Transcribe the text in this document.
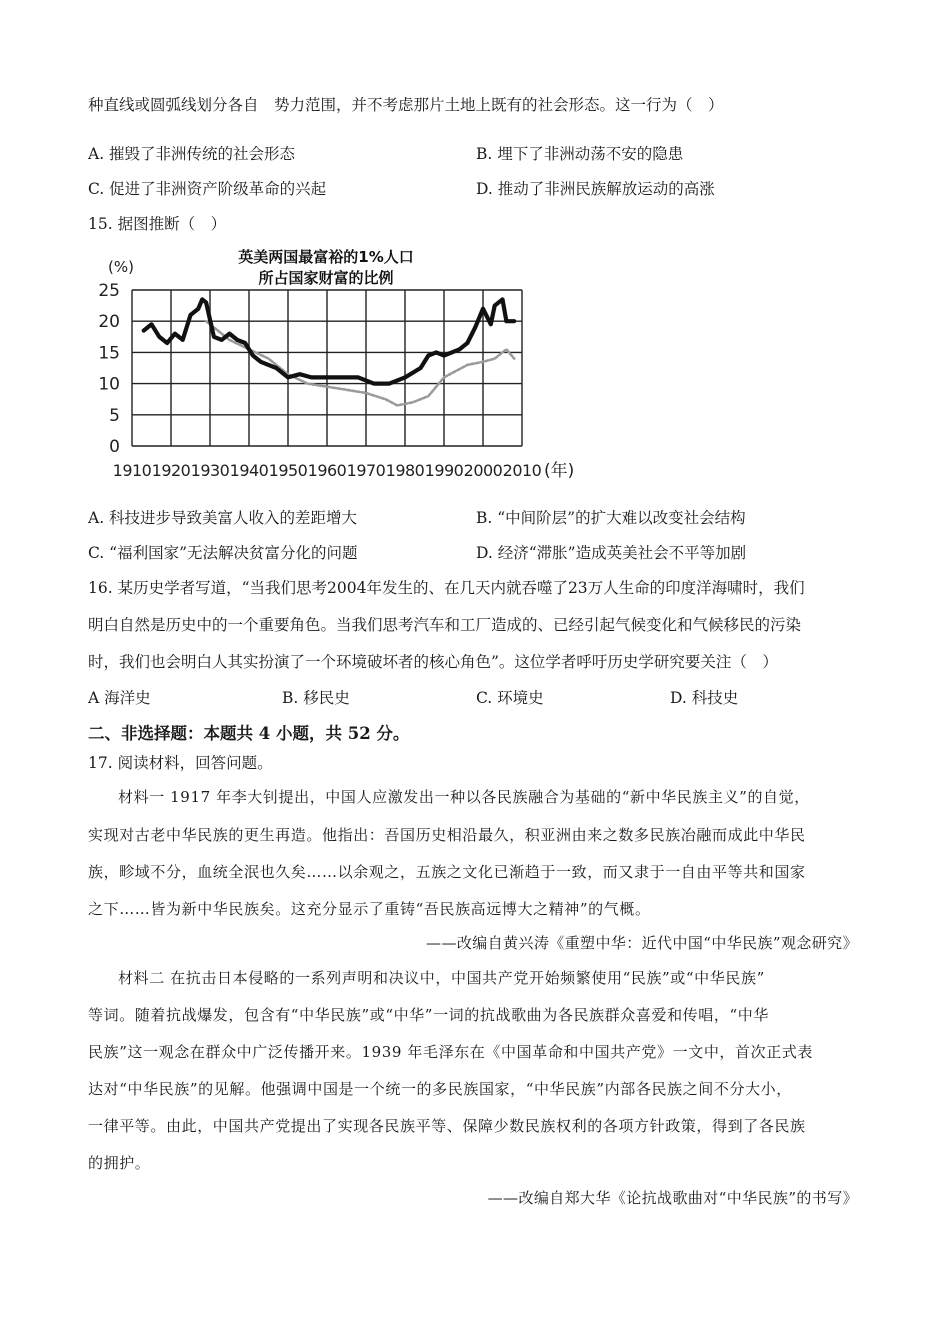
种直线或圆弧线划分各自　势力范围，并不考虑那片土地上既有的社会形态。这一行为（　）
A. 摧毁了非洲传统的社会形态	B. 埋下了非洲动荡不安的隐患
C. 促进了非洲资产阶级革命的兴起	D. 推动了非洲民族解放运动的高涨
15. 据图推断（　）
0
5
10
15
20
25
1910 1920 1930 1940 1950 1960 1970 1980 1990 2000 2010 (年)
(%)
英美两国最富裕的1%人口
所占国家财富的比例
A. 科技进步导致美富人收入的差距增大	B. “中间阶层”的扩大难以改变社会结构
C. “福利国家”无法解决贫富分化的问题	D. 经济“滞胀”造成英美社会不平等加剧
16. 某历史学者写道，“当我们思考2004年发生的、在几天内就吞噬了23万人生命的印度洋海啸时，我们
明白自然是历史中的一个重要角色。当我们思考汽车和工厂造成的、已经引起气候变化和气候移民的污染
时，我们也会明白人其实扮演了一个环境破坏者的核心角色”。这位学者呼吁历史学研究要关注（　）
A 海洋史	B. 移民史	C. 环境史	D. 科技史
二、非选择题：本题共 4 小题，共 52 分。
17. 阅读材料，回答问题。
材料一 1917 年李大钊提出，中国人应激发出一种以各民族融合为基础的“新中华民族主义”的自觉，
实现对古老中华民族的更生再造。他指出：吾国历史相沿最久，积亚洲由来之数多民族冶融而成此中华民
族，畛域不分，血统全泯也久矣……以余观之，五族之文化已渐趋于一致，而又隶于一自由平等共和国家
之下……皆为新中华民族矣。这充分显示了重铸“吾民族高远博大之精神”的气概。
——改编自黄兴涛《重塑中华：近代中国“中华民族”观念研究》
材料二 在抗击日本侵略的一系列声明和决议中，中国共产党开始频繁使用“民族”或“中华民族”
等词。随着抗战爆发，包含有“中华民族”或“中华”一词的抗战歌曲为各民族群众喜爱和传唱，“中华
民族”这一观念在群众中广泛传播开来。1939 年毛泽东在《中国革命和中国共产党》一文中，首次正式表
达对“中华民族”的见解。他强调中国是一个统一的多民族国家，“中华民族”内部各民族之间不分大小，
一律平等。由此，中国共产党提出了实现各民族平等、保障少数民族权利的各项方针政策，得到了各民族
的拥护。
——改编自郑大华《论抗战歌曲对“中华民族”的书写》
